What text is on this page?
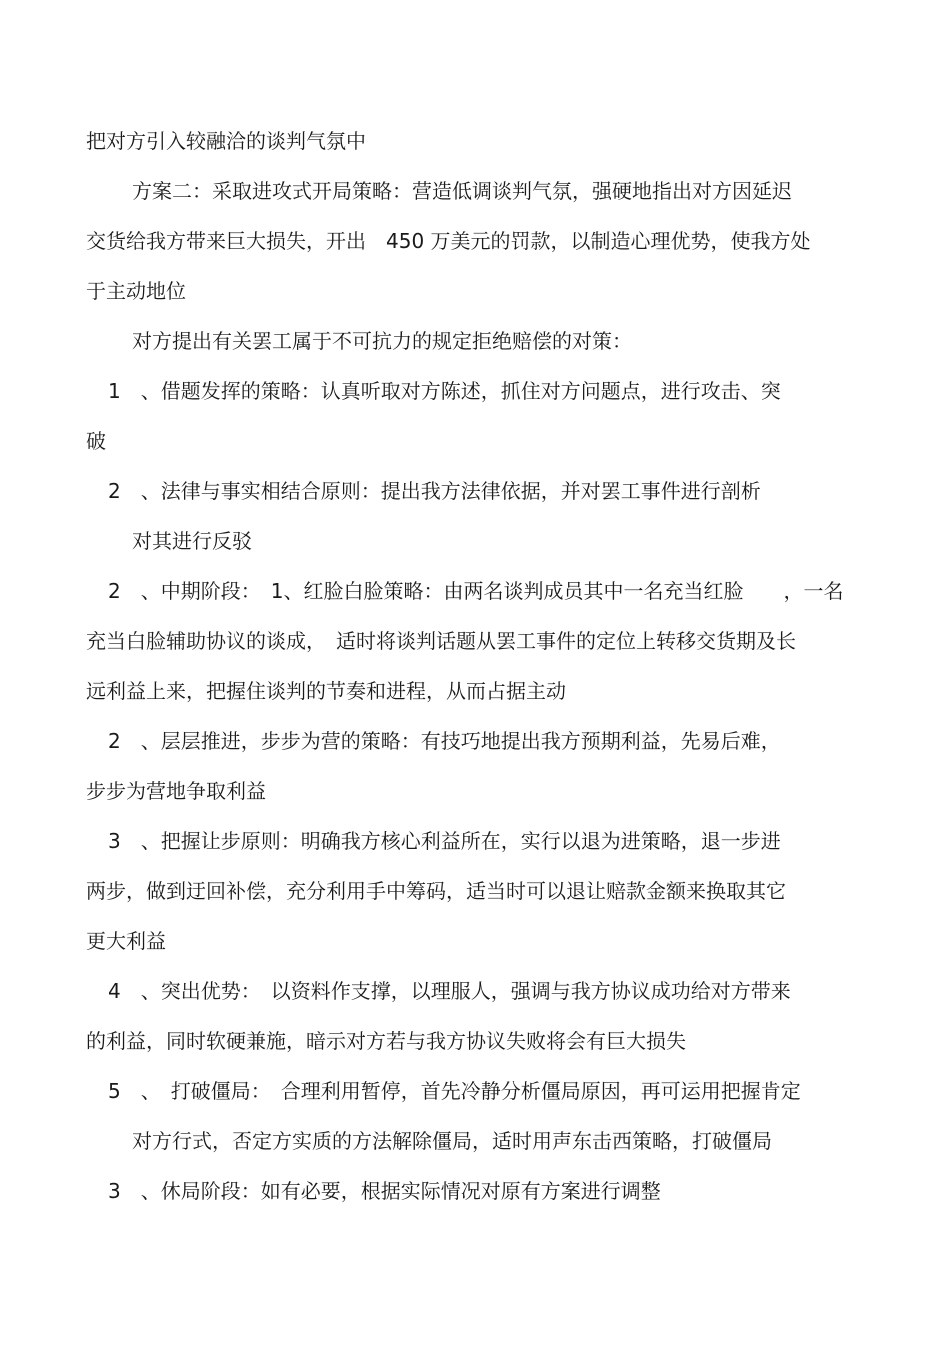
把对方引入较融洽的谈判气氛中
方案二：采取进攻式开局策略：营造低调谈判气氛，强硬地指出对方因延迟
交货给我方带来巨大损失，开出　450 万美元的罚款，以制造心理优势，使我方处
于主动地位
对方提出有关罢工属于不可抗力的规定拒绝赔偿的对策：
1　、借题发挥的策略：认真听取对方陈述，抓住对方问题点，进行攻击、突
破
2　、法律与事实相结合原则：提出我方法律依据，并对罢工事件进行剖析
对其进行反驳
2　、中期阶段：　1、红脸白脸策略：由两名谈判成员其中一名充当红脸　　，一名
充当白脸辅助协议的谈成，　适时将谈判话题从罢工事件的定位上转移交货期及长
远利益上来，把握住谈判的节奏和进程，从而占据主动
2　、层层推进，步步为营的策略：有技巧地提出我方预期利益，先易后难，
步步为营地争取利益
3　、把握让步原则：明确我方核心利益所在，实行以退为进策略，退一步进
两步，做到迂回补偿，充分利用手中筹码，适当时可以退让赔款金额来换取其它
更大利益
4　、突出优势：　以资料作支撑，以理服人，强调与我方协议成功给对方带来
的利益，同时软硬兼施，暗示对方若与我方协议失败将会有巨大损失
5　、　打破僵局：　合理利用暂停，首先冷静分析僵局原因，再可运用把握肯定
对方行式，否定方实质的方法解除僵局，适时用声东击西策略，打破僵局
3　、休局阶段：如有必要，根据实际情况对原有方案进行调整
